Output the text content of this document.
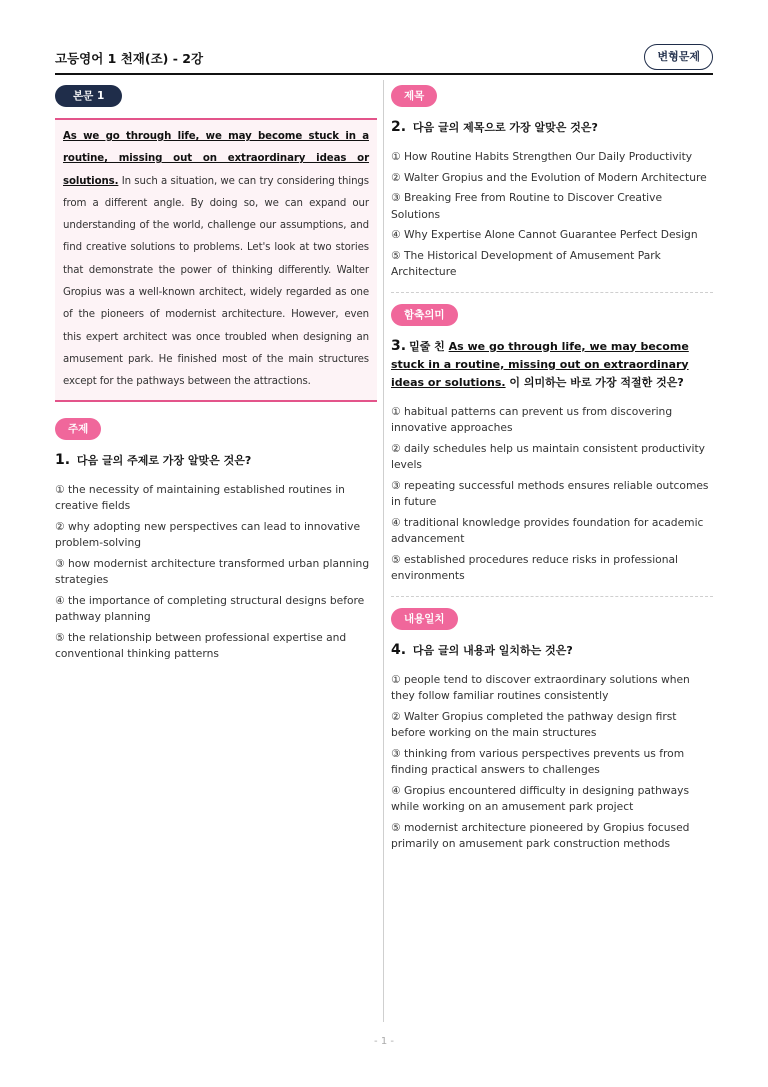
고등영어 1 천재(조) - 2강	변형문제
본문 1
As we go through life, we may become stuck in a routine, missing out on extraordinary ideas or solutions. In such a situation, we can try considering things from a different angle. By doing so, we can expand our understanding of the world, challenge our assumptions, and find creative solutions to problems. Let's look at two stories that demonstrate the power of thinking differently. Walter Gropius was a well-known architect, widely regarded as one of the pioneers of modernist architecture. However, even this expert architect was once troubled when designing an amusement park. He finished most of the main structures except for the pathways between the attractions.
주제
1. 다음 글의 주제로 가장 알맞은 것은?
① the necessity of maintaining established routines in creative fields
② why adopting new perspectives can lead to innovative problem-solving
③ how modernist architecture transformed urban planning strategies
④ the importance of completing structural designs before pathway planning
⑤ the relationship between professional expertise and conventional thinking patterns
제목
2. 다음 글의 제목으로 가장 알맞은 것은?
① How Routine Habits Strengthen Our Daily Productivity
② Walter Gropius and the Evolution of Modern Architecture
③ Breaking Free from Routine to Discover Creative Solutions
④ Why Expertise Alone Cannot Guarantee Perfect Design
⑤ The Historical Development of Amusement Park Architecture
함축의미
3. 밑줄 친 As we go through life, we may become stuck in a routine, missing out on extraordinary ideas or solutions. 이 의미하는 바로 가장 적절한 것은?
① habitual patterns can prevent us from discovering innovative approaches
② daily schedules help us maintain consistent productivity levels
③ repeating successful methods ensures reliable outcomes in future
④ traditional knowledge provides foundation for academic advancement
⑤ established procedures reduce risks in professional environments
내용일치
4. 다음 글의 내용과 일치하는 것은?
① people tend to discover extraordinary solutions when they follow familiar routines consistently
② Walter Gropius completed the pathway design first before working on the main structures
③ thinking from various perspectives prevents us from finding practical answers to challenges
④ Gropius encountered difficulty in designing pathways while working on an amusement park project
⑤ modernist architecture pioneered by Gropius focused primarily on amusement park construction methods
- 1 -
